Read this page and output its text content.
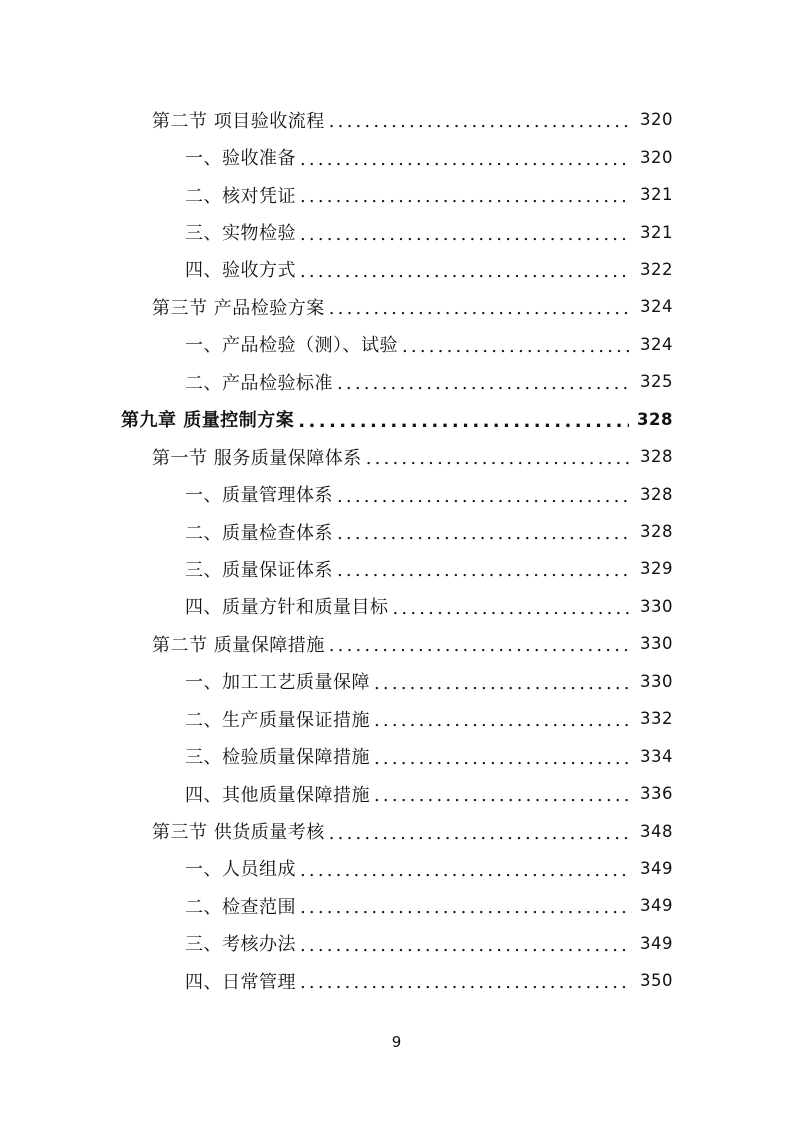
第二节 项目验收流程 .....	320
一、验收准备 .....	320
二、核对凭证 .....	321
三、实物检验 .....	321
四、验收方式 .....	322
第三节 产品检验方案 .....	324
一、产品检验（测）、试验 .....	324
二、产品检验标准 .....	325
第九章 质量控制方案 .....	328
第一节 服务质量保障体系 .....	328
一、质量管理体系 .....	328
二、质量检查体系 .....	328
三、质量保证体系 .....	329
四、质量方针和质量目标 .....	330
第二节 质量保障措施 .....	330
一、加工工艺质量保障 .....	330
二、生产质量保证措施 .....	332
三、检验质量保障措施 .....	334
四、其他质量保障措施 .....	336
第三节 供货质量考核 .....	348
一、人员组成 .....	349
二、检查范围 .....	349
三、考核办法 .....	349
四、日常管理 .....	350
9
